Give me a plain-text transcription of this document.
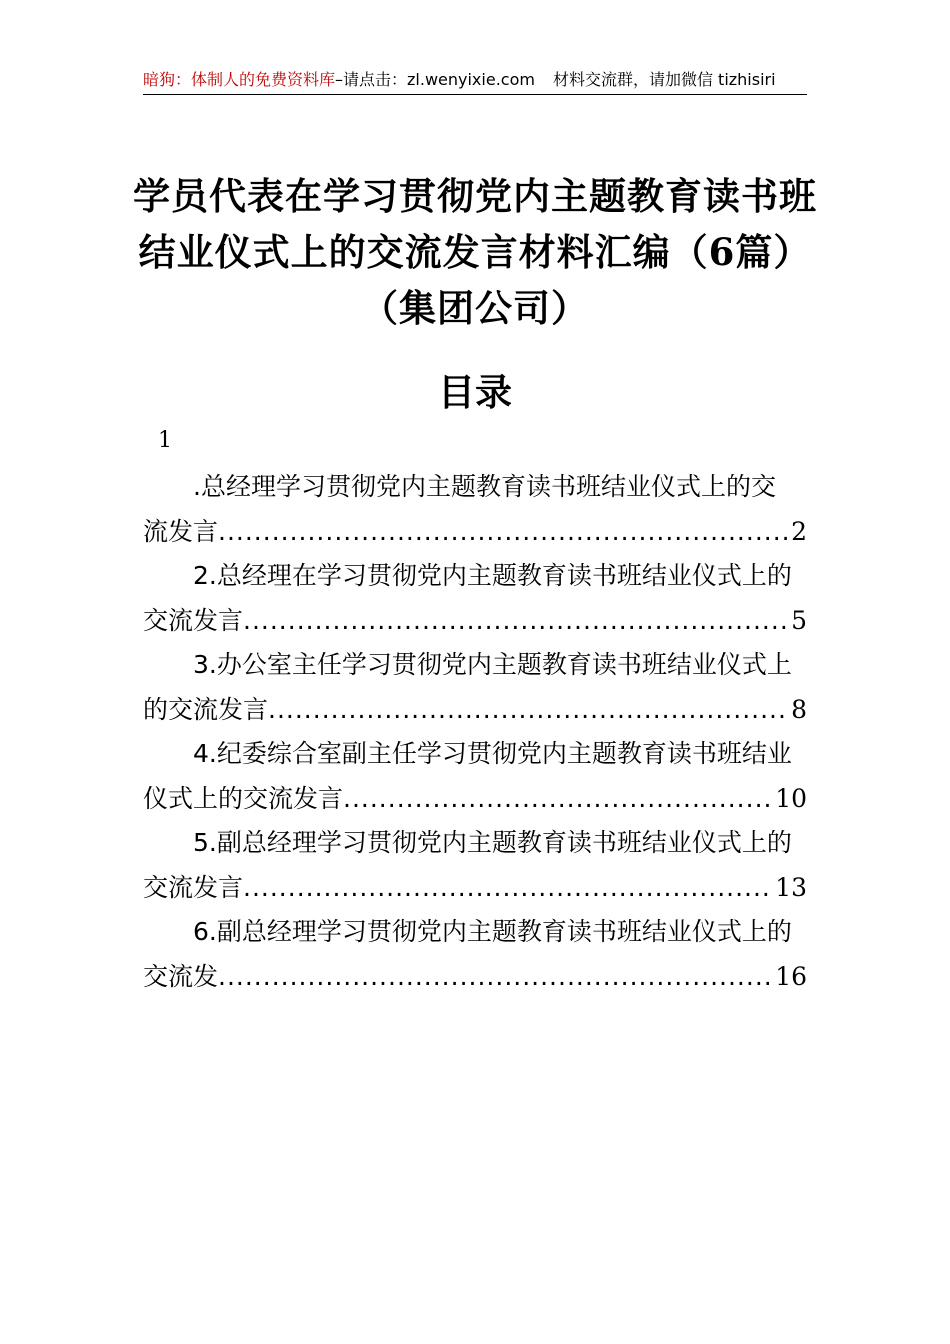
暗狗：体制人的免费资料库–请点击：zl.wenyixie.com 材料交流群，请加微信 tizhisiri
学员代表在学习贯彻党内主题教育读书班
结业仪式上的交流发言材料汇编（6篇）
（集团公司）
目录
1
.总经理学习贯彻党内主题教育读书班结业仪式上的交
流发言 .....	2
2.总经理在学习贯彻党内主题教育读书班结业仪式上的
交流发言 .....	5
3.办公室主任学习贯彻党内主题教育读书班结业仪式上
的交流发言 .....	8
4.纪委综合室副主任学习贯彻党内主题教育读书班结业
仪式上的交流发言 .....	10
5.副总经理学习贯彻党内主题教育读书班结业仪式上的
交流发言 .....	13
6.副总经理学习贯彻党内主题教育读书班结业仪式上的
交流发 .....	16
